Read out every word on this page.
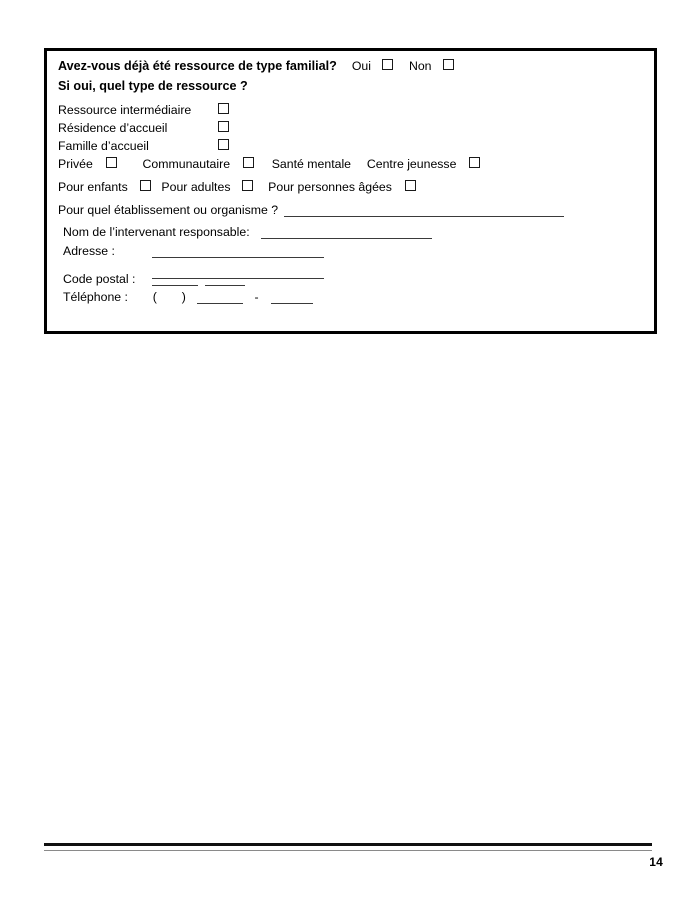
Avez-vous déjà été ressource de type familial? Oui	Non
Si oui, quel type de ressource ?
Ressource intermédiaire
Résidence d’accueil
Famille d’accueil
Privée	Communautaire	Santé mentale Centre jeunesse
Pour enfants	Pour adultes	Pour personnes âgées
Pour quel établissement ou organisme ?
Nom de l’intervenant responsable:
Adresse :
Code postal :
Téléphone : ( )	-
14
